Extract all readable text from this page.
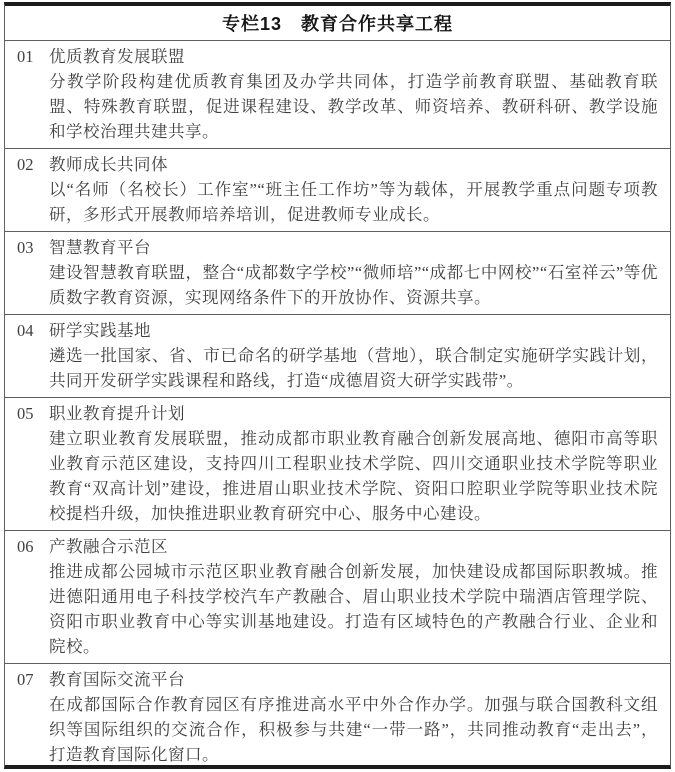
专栏13　教育合作共享工程
01 优质教育发展联盟
分教学阶段构建优质教育集团及办学共同体，打造学前教育联盟、基础教育联盟、特殊教育联盟，促进课程建设、教学改革、师资培养、教研科研、教学设施和学校治理共建共享。
02 教师成长共同体
以“名师（名校长）工作室”“班主任工作坊”等为载体，开展教学重点问题专项教研，多形式开展教师培养培训，促进教师专业成长。
03 智慧教育平台
建设智慧教育联盟，整合“成都数字学校”“微师培”“成都七中网校”“石室祥云”等优质数字教育资源，实现网络条件下的开放协作、资源共享。
04 研学实践基地
遴选一批国家、省、市已命名的研学基地（营地），联合制定实施研学实践计划，共同开发研学实践课程和路线，打造“成德眉资大研学实践带”。
05 职业教育提升计划
建立职业教育发展联盟，推动成都市职业教育融合创新发展高地、德阳市高等职业教育示范区建设，支持四川工程职业技术学院、四川交通职业技术学院等职业教育“双高计划”建设，推进眉山职业技术学院、资阳口腔职业学院等职业技术院校提档升级，加快推进职业教育研究中心、服务中心建设。
06 产教融合示范区
推进成都公园城市示范区职业教育融合创新发展，加快建设成都国际职教城。推进德阳通用电子科技学校汽车产教融合、眉山职业技术学院中瑞酒店管理学院、资阳市职业教育中心等实训基地建设。打造有区域特色的产教融合行业、企业和院校。
07 教育国际交流平台
在成都国际合作教育园区有序推进高水平中外合作办学。加强与联合国教科文组织等国际组织的交流合作，积极参与共建“一带一路”，共同推动教育“走出去”，打造教育国际化窗口。
